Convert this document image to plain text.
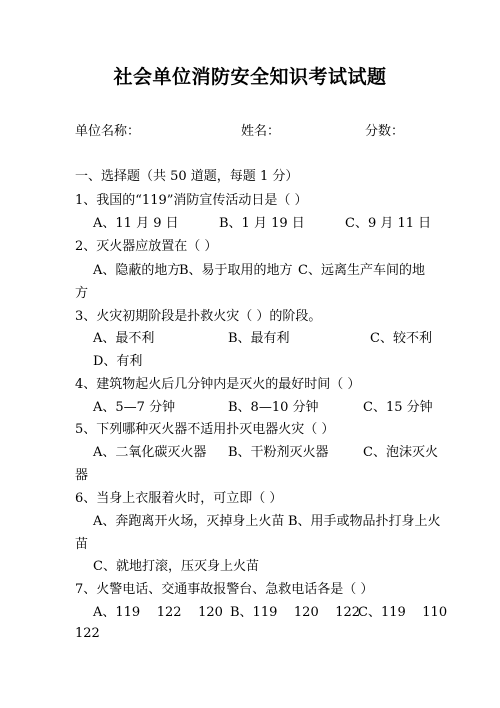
社会单位消防安全知识考试试题
单位名称：	姓名：	分数：
一、选择题（共 50 道题，每题 1 分）
1、我国的“119”消防宣传活动日是（ ）
A、11 月 9 日	B、1 月 19 日	C、9 月 11 日
2、灭火器应放置在（ ）
A、隐蔽的地方
B、易于取用的地方 C、远离生产车间的地
方
3、火灾初期阶段是扑救火灾（ ）的阶段。
A、最不利	B、最有利	C、较不利
D、有利
4、建筑物起火后几分钟内是灭火的最好时间（ ）
A、5—7 分钟	B、8—10 分钟	C、15 分钟
5、下列哪种灭火器不适用扑灭电器火灾（ ）
A、二氧化碳灭火器 B、干粉剂灭火器	C、泡沫灭火
器
6、当身上衣服着火时，可立即（ ）
A、奔跑离开火场，灭掉身上火苗 B、用手或物品扑打身上火
苗
C、就地打滚，压灭身上火苗
7、火警电话、交通事故报警台、急救电话各是（ ）
A、119    122    120 B、119    120    122
C、119    110
122
